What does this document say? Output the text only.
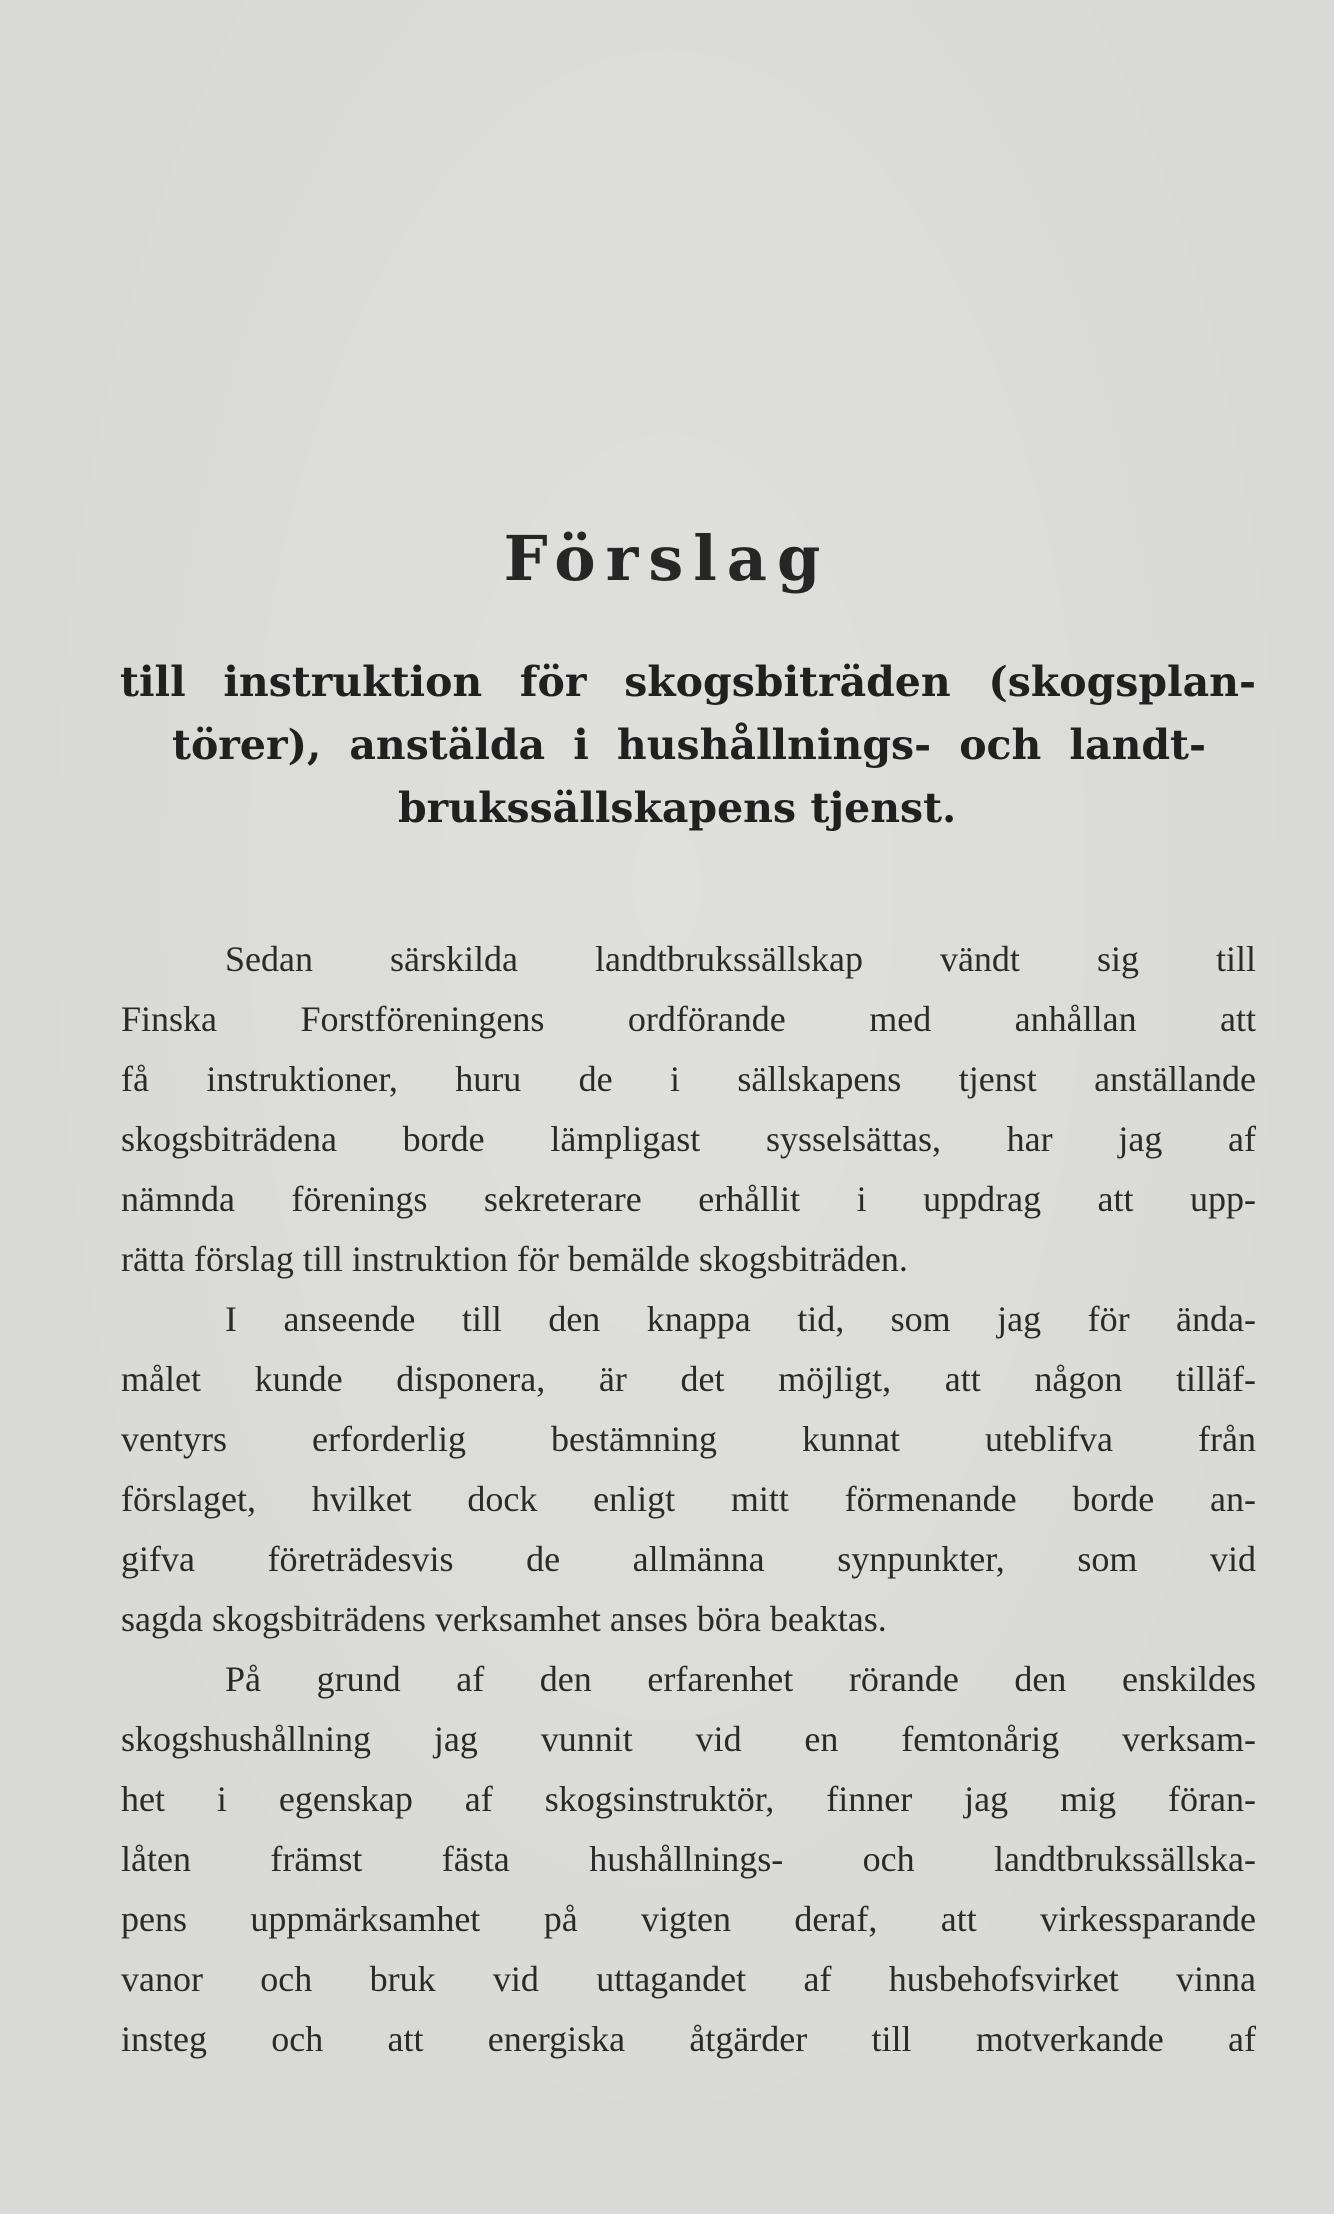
Förslag
till instruktion för skogsbiträden (skogsplan-
törer), anstälda i hushållnings- och landt-
brukssällskapens tjenst.
Sedan särskilda landtbrukssällskap vändt sig till
Finska Forstföreningens ordförande med anhållan att
få instruktioner, huru de i sällskapens tjenst anställande
skogsbiträdena borde lämpligast sysselsättas, har jag af
nämnda förenings sekreterare erhållit i uppdrag att upp-
rätta förslag till instruktion för bemälde skogsbiträden.
I anseende till den knappa tid, som jag för ända-
målet kunde disponera, är det möjligt, att någon tilläf-
ventyrs erforderlig bestämning kunnat uteblifva från
förslaget, hvilket dock enligt mitt förmenande borde an-
gifva företrädesvis de allmänna synpunkter, som vid
sagda skogsbiträdens verksamhet anses böra beaktas.
På grund af den erfarenhet rörande den enskildes
skogshushållning jag vunnit vid en femtonårig verksam-
het i egenskap af skogsinstruktör, finner jag mig föran-
låten främst fästa hushållnings- och landtbrukssällska-
pens uppmärksamhet på vigten deraf, att virkessparande
vanor och bruk vid uttagandet af husbehofsvirket vinna
insteg och att energiska åtgärder till motverkande af
